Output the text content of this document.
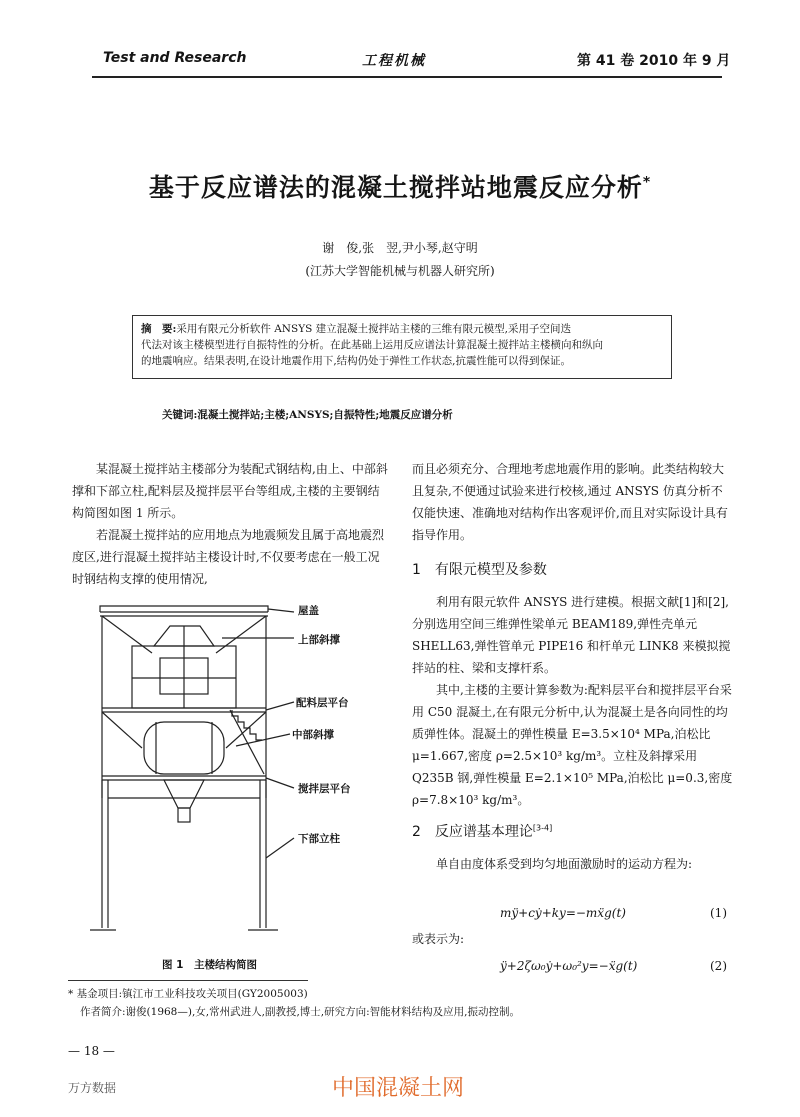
Test and Research	工程机械	第 41 卷 2010 年 9 月
基于反应谱法的混凝土搅拌站地震反应分析*
谢　俊,张　翌,尹小琴,赵守明
(江苏大学智能机械与机器人研究所)
摘　要:采用有限元分析软件 ANSYS 建立混凝土搅拌站主楼的三维有限元模型,采用子空间迭
代法对该主楼模型进行自振特性的分析。在此基础上运用反应谱法计算混凝土搅拌站主楼横向和纵向
的地震响应。结果表明,在设计地震作用下,结构仍处于弹性工作状态,抗震性能可以得到保证。
关键词:混凝土搅拌站;主楼;ANSYS;自振特性;地震反应谱分析

某混凝土搅拌站主楼部分为装配式钢结构,由上、中部斜撑和下部立柱,配料层及搅拌层平台等组成,主楼的主要钢结构简图如图 1 所示。

若混凝土搅拌站的应用地点为地震频发且属于高地震烈度区,进行混凝土搅拌站主楼设计时,不仅要考虑在一般工况时钢结构支撑的使用情况,

屋盖
上部斜撑
配料层平台
中部斜撑
搅拌层平台
下部立柱
图 1　主楼结构简图

而且必须充分、合理地考虑地震作用的影响。此类结构较大且复杂,不便通过试验来进行校核,通过 ANSYS 仿真分析不仅能快速、准确地对结构作出客观评价,而且对实际设计具有指导作用。

1　有限元模型及参数

利用有限元软件 ANSYS 进行建模。根据文献[1]和[2],分别选用空间三维弹性梁单元 BEAM189,弹性壳单元 SHELL63,弹性管单元 PIPE16 和杆单元 LINK8 来模拟搅拌站的柱、梁和支撑杆系。

其中,主楼的主要计算参数为:配料层平台和搅拌层平台采用 C50 混凝土,在有限元分析中,认为混凝土是各向同性的均质弹性体。混凝土的弹性模量 E=3.5×10⁴ MPa,泊松比 μ=1.667,密度 ρ=2.5×10³ kg/m³。立柱及斜撑采用 Q235B 钢,弹性模量 E=2.1×10⁵ MPa,泊松比 μ=0.3,密度 ρ=7.8×10³ kg/m³。

2　反应谱基本理论[3-4]

单自由度体系受到均匀地面激励时的运动方程为:

mÿ+cẏ+ky=−mẍg(t)	(1)
或表示为:
ÿ+2ζω₀ẏ+ω₀²y=−ẍg(t)	(2)
* 基金项目:镇江市工业科技攻关项目(GY2005003)
作者简介:谢俊(1968—),女,常州武进人,副教授,博士,研究方向:智能材料结构及应用,振动控制。
— 18 —
中国混凝土网
万方数据
